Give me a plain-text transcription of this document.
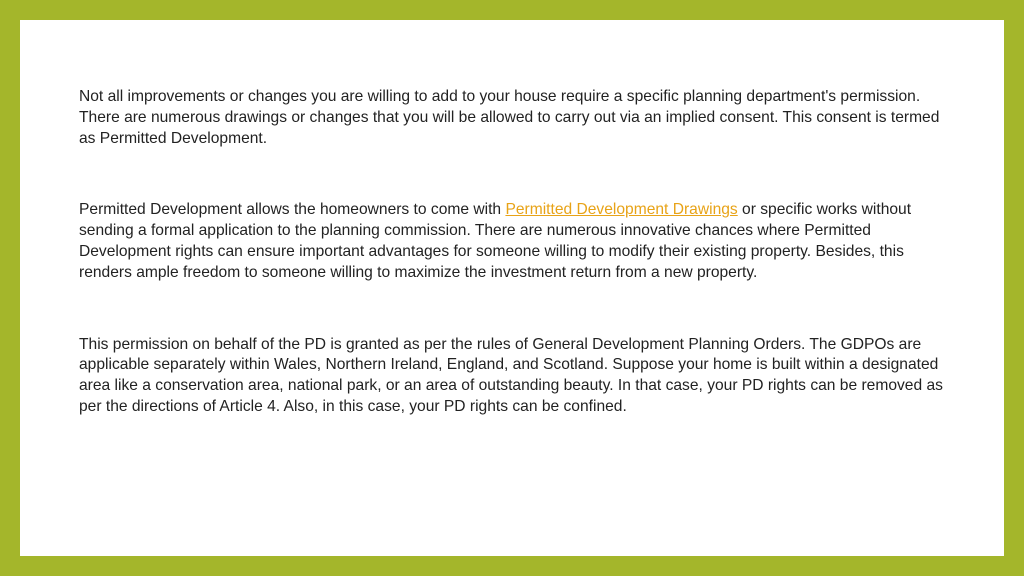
Not all improvements or changes you are willing to add to your house require a specific planning department's permission. There are numerous drawings or changes that you will be allowed to carry out via an implied consent. This consent is termed as Permitted Development.

Permitted Development allows the homeowners to come with Permitted Development Drawings or specific works without sending a formal application to the planning commission. There are numerous innovative chances where Permitted Development rights can ensure important advantages for someone willing to modify their existing property. Besides, this renders ample freedom to someone willing to maximize the investment return from a new property.

This permission on behalf of the PD is granted as per the rules of General Development Planning Orders. The GDPOs are applicable separately within Wales, Northern Ireland, England, and Scotland. Suppose your home is built within a designated area like a conservation area, national park, or an area of outstanding beauty. In that case, your PD rights can be removed as per the directions of Article 4. Also, in this case, your PD rights can be confined.
